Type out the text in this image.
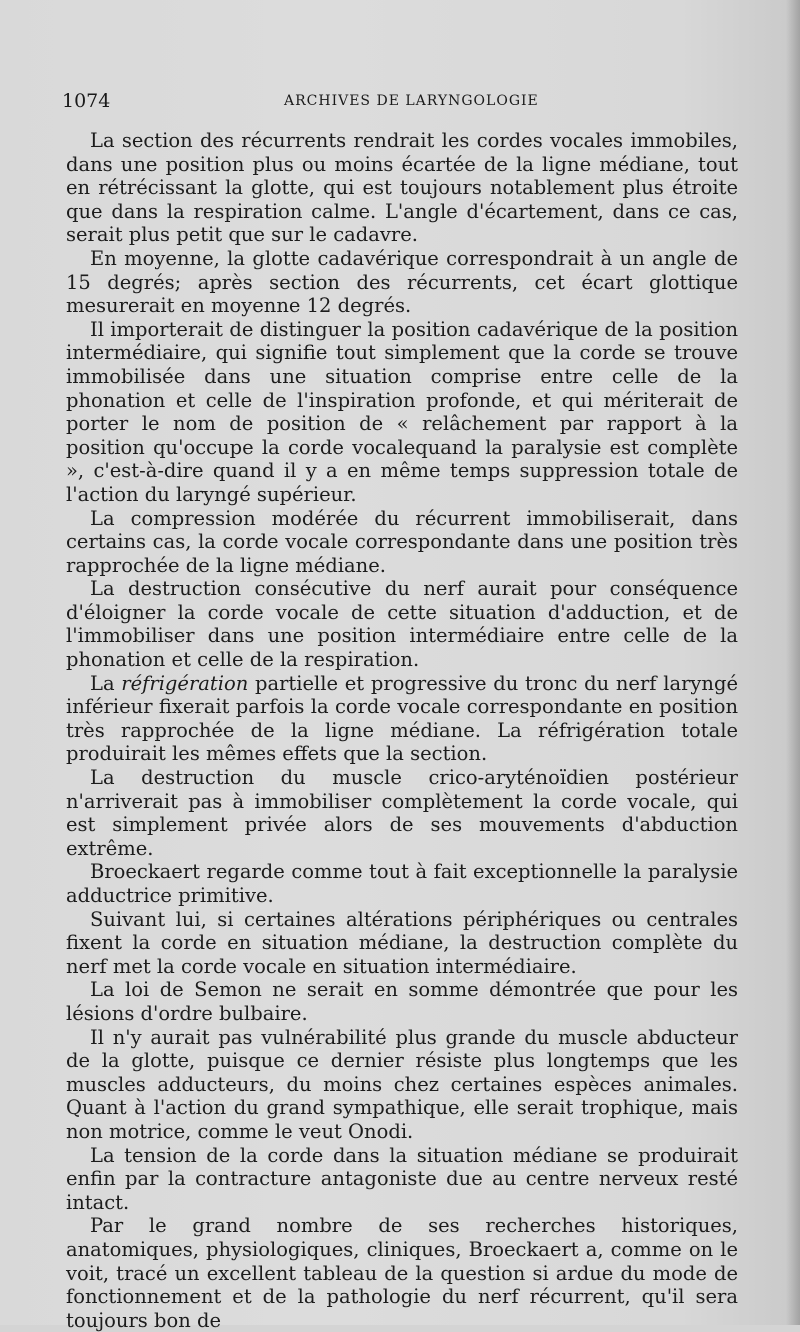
1074	ARCHIVES DE LARYNGOLOGIE

La section des récurrents rendrait les cordes vocales immobiles, dans une position plus ou moins écartée de la ligne médiane, tout en rétrécissant la glotte, qui est toujours notablement plus étroite que dans la respiration calme. L'angle d'écartement, dans ce cas, serait plus petit que sur le cadavre.

En moyenne, la glotte cadavérique correspondrait à un angle de 15 degrés; après section des récurrents, cet écart glottique mesurerait en moyenne 12 degrés.

Il importerait de distinguer la position cadavérique de la position intermédiaire, qui signifie tout simplement que la corde se trouve immobilisée dans une situation comprise entre celle de la phonation et celle de l'inspiration profonde, et qui mériterait de porter le nom de position de « relâchement par rapport à la position qu'occupe la corde vocalequand la paralysie est complète », c'est-à-dire quand il y a en même temps suppression totale de l'action du laryngé supérieur.

La compression modérée du récurrent immobiliserait, dans certains cas, la corde vocale correspondante dans une position très rapprochée de la ligne médiane.

La destruction consécutive du nerf aurait pour conséquence d'éloigner la corde vocale de cette situation d'adduction, et de l'immobiliser dans une position intermédiaire entre celle de la phonation et celle de la respiration.

La réfrigération partielle et progressive du tronc du nerf laryngé inférieur fixerait parfois la corde vocale correspondante en position très rapprochée de la ligne médiane. La réfrigération totale produirait les mêmes effets que la section.

La destruction du muscle crico-aryténoïdien postérieur n'arriverait pas à immobiliser complètement la corde vocale, qui est simplement privée alors de ses mouvements d'abduction extrême.

Broeckaert regarde comme tout à fait exceptionnelle la paralysie adductrice primitive.

Suivant lui, si certaines altérations périphériques ou centrales fixent la corde en situation médiane, la destruction complète du nerf met la corde vocale en situation intermédiaire.

La loi de Semon ne serait en somme démontrée que pour les lésions d'ordre bulbaire.

Il n'y aurait pas vulnérabilité plus grande du muscle abducteur de la glotte, puisque ce dernier résiste plus longtemps que les muscles adducteurs, du moins chez certaines espèces animales. Quant à l'action du grand sympathique, elle serait trophique, mais non motrice, comme le veut Onodi.

La tension de la corde dans la situation médiane se produirait enfin par la contracture antagoniste due au centre nerveux resté intact.

Par le grand nombre de ses recherches historiques, anatomiques, physiologiques, cliniques, Broeckaert a, comme on le voit, tracé un excellent tableau de la question si ardue du mode de fonctionnement et de la pathologie du nerf récurrent, qu'il sera toujours bon de
